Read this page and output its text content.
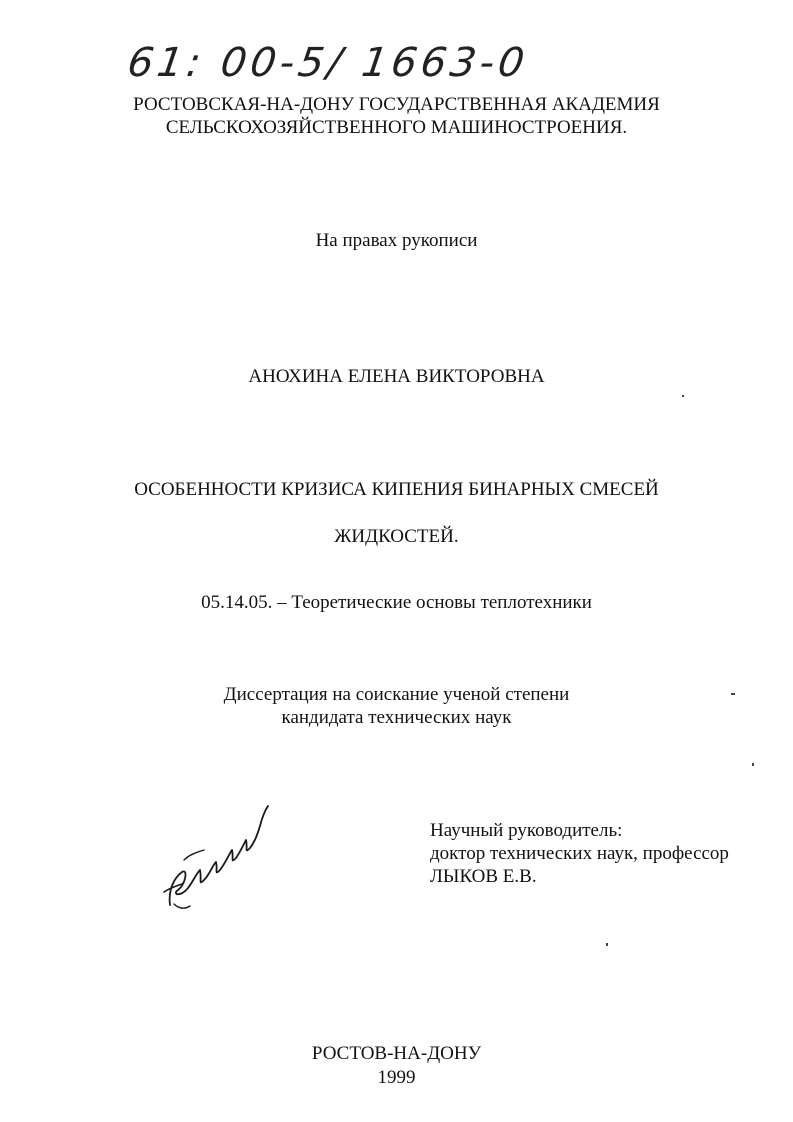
61: 00-5/ 1663-0
РОСТОВСКАЯ-НА-ДОНУ ГОСУДАРСТВЕННАЯ АКАДЕМИЯ
СЕЛЬСКОХОЗЯЙСТВЕННОГО МАШИНОСТРОЕНИЯ.
На правах рукописи
АНОХИНА ЕЛЕНА ВИКТОРОВНА
ОСОБЕННОСТИ КРИЗИСА КИПЕНИЯ БИНАРНЫХ СМЕСЕЙ
ЖИДКОСТЕЙ.
05.14.05. – Теоретические основы теплотехники
Диссертация на соискание ученой степени
кандидата технических наук
Научный руководитель:
доктор технических наук, профессор
ЛЫКОВ Е.В.
РОСТОВ-НА-ДОНУ
1999
